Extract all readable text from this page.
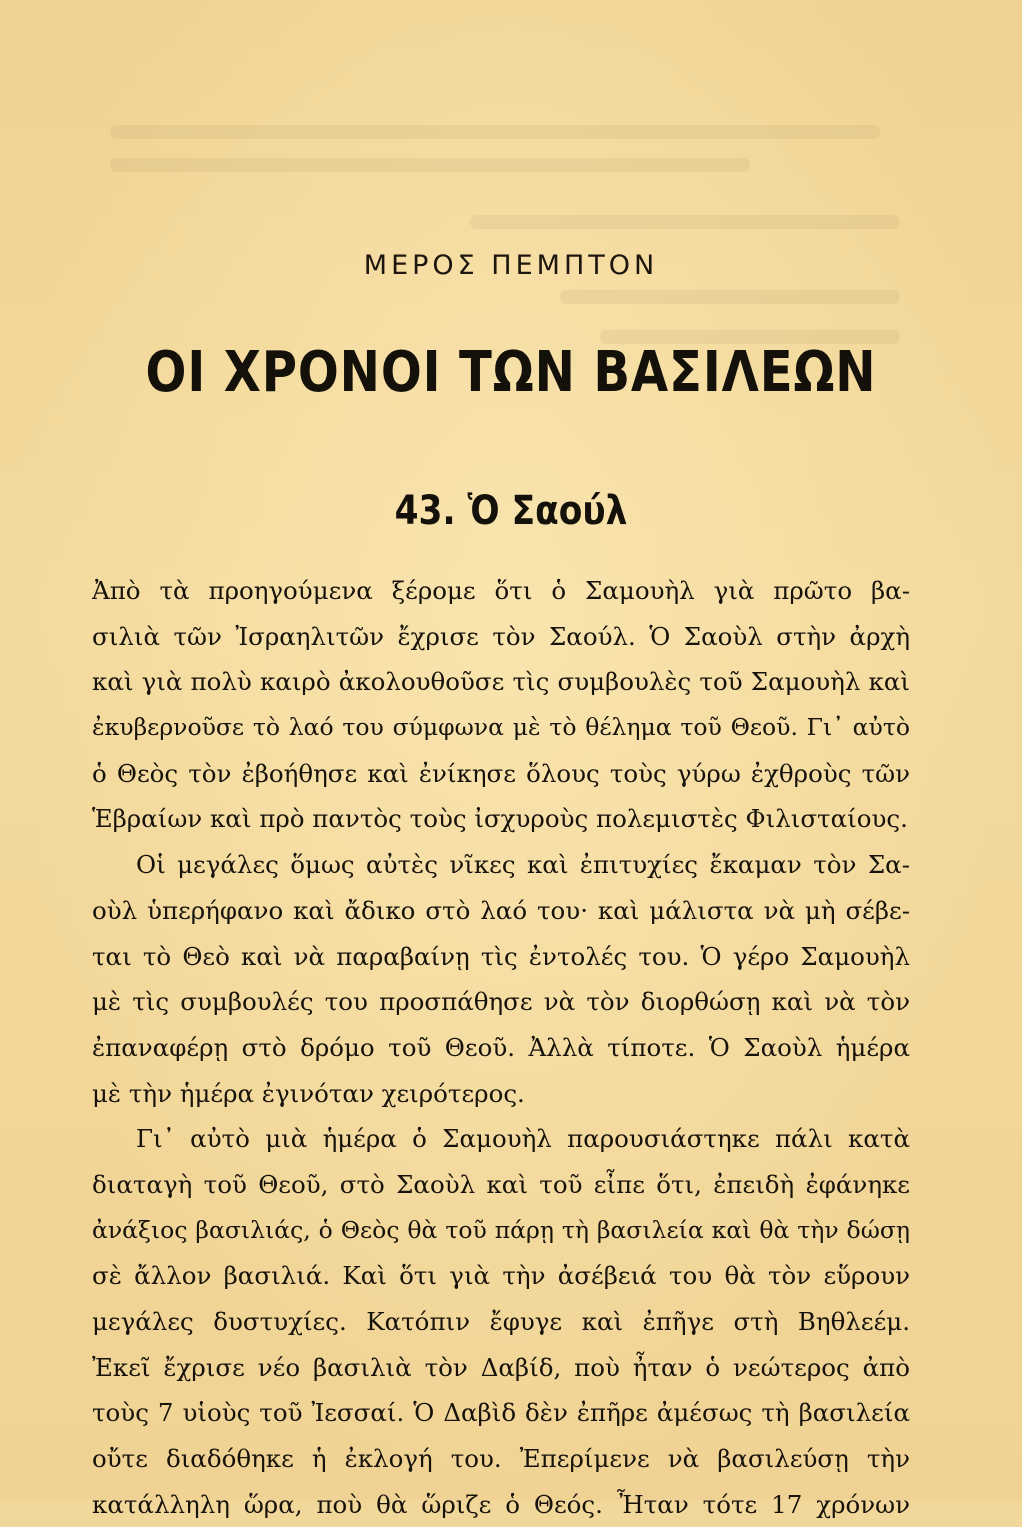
ΜΕΡΟΣ ΠΕΜΠΤΟΝ
ΟΙ ΧΡΟΝΟΙ ΤΩΝ ΒΑΣΙΛΕΩΝ
43. Ὁ Σαούλ
Ἀπὸ τὰ προηγούμενα ξέρομε ὅτι ὁ Σαμουὴλ γιὰ πρῶτο βα-
σιλιὰ τῶν Ἰσραηλιτῶν ἔχρισε τὸν Σαούλ. Ὁ Σαοὺλ στὴν ἀρχὴ
καὶ γιὰ πολὺ καιρὸ ἀκολουθοῦσε τὶς συμβουλὲς τοῦ Σαμουὴλ καὶ
ἐκυβερνοῦσε τὸ λαό του σύμφωνα μὲ τὸ θέλημα τοῦ Θεοῦ. Γι᾽ αὐτὸ
ὁ Θεὸς τὸν ἐβοήθησε καὶ ἐνίκησε ὅλους τοὺς γύρω ἐχθροὺς τῶν
Ἑβραίων καὶ πρὸ παντὸς τοὺς ἰσχυροὺς πολεμιστὲς Φιλισταίους.
Οἱ μεγάλες ὅμως αὐτὲς νῖκες καὶ ἐπιτυχίες ἔκαμαν τὸν Σα-
οὺλ ὑπερήφανο καὶ ἄδικο στὸ λαό του· καὶ μάλιστα νὰ μὴ σέβε-
ται τὸ Θεὸ καὶ νὰ παραβαίνῃ τὶς ἐντολές του. Ὁ γέρο Σαμουὴλ
μὲ τὶς συμβουλές του προσπάθησε νὰ τὸν διορθώσῃ καὶ νὰ τὸν
ἐπαναφέρῃ στὸ δρόμο τοῦ Θεοῦ. Ἀλλὰ τίποτε. Ὁ Σαοὺλ ἡμέρα
μὲ τὴν ἡμέρα ἐγινόταν χειρότερος.
Γι᾽ αὐτὸ μιὰ ἡμέρα ὁ Σαμουὴλ παρουσιάστηκε πάλι κατὰ
διαταγὴ τοῦ Θεοῦ, στὸ Σαοὺλ καὶ τοῦ εἶπε ὅτι, ἐπειδὴ ἐφάνηκε
ἀνάξιος βασιλιάς, ὁ Θεὸς θὰ τοῦ πάρῃ τὴ βασιλεία καὶ θὰ τὴν δώσῃ
σὲ ἄλλον βασιλιά. Καὶ ὅτι γιὰ τὴν ἀσέβειά του θὰ τὸν εὕρουν
μεγάλες δυστυχίες. Κατόπιν ἔφυγε καὶ ἐπῆγε στὴ Βηθλεέμ.
Ἐκεῖ ἔχρισε νέο βασιλιὰ τὸν Δαβίδ, ποὺ ἦταν ὁ νεώτερος ἀπὸ
τοὺς 7 υἱοὺς τοῦ Ἰεσσαί. Ὁ Δαβὶδ δὲν ἐπῆρε ἀμέσως τὴ βασιλεία
οὔτε διαδόθηκε ἡ ἐκλογή του. Ἐπερίμενε νὰ βασιλεύσῃ τὴν
κατάλληλη ὥρα, ποὺ θὰ ὥριζε ὁ Θεός. Ἦταν τότε 17 χρόνων
